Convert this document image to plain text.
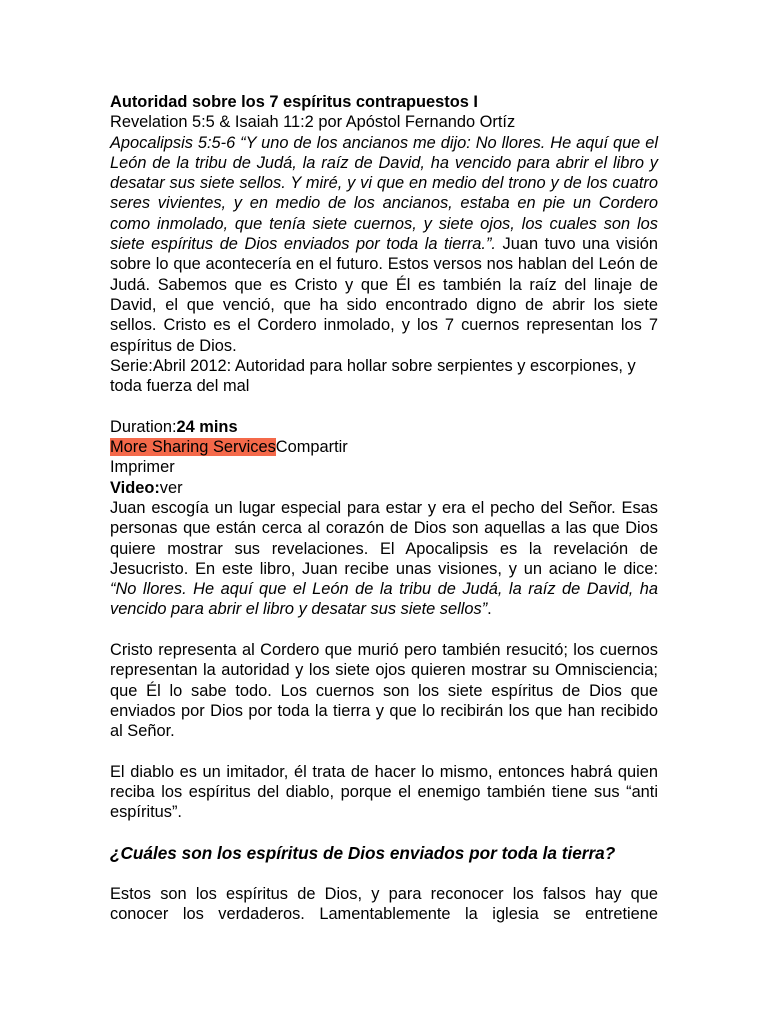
Autoridad sobre los 7 espíritus contrapuestos I
Revelation 5:5 & Isaiah 11:2 por Apóstol Fernando Ortíz

Apocalipsis 5:5-6 “Y uno de los ancianos me dijo: No llores. He aquí que el León de la tribu de Judá, la raíz de David, ha vencido para abrir el libro y desatar sus siete sellos. Y miré, y vi que en medio del trono y de los cuatro seres vivientes, y en medio de los ancianos, estaba en pie un Cordero como inmolado, que tenía siete cuernos, y siete ojos, los cuales son los siete espíritus de Dios enviados por toda la tierra.”. Juan tuvo una visión sobre lo que acontecería en el futuro. Estos versos nos hablan del León de Judá. Sabemos que es Cristo y que Él es también la raíz del linaje de David, el que venció, que ha sido encontrado digno de abrir los siete sellos. Cristo es el Cordero inmolado, y los 7 cuernos representan los 7 espíritus de Dios.

Serie:Abril 2012: Autoridad para hollar sobre serpientes y escorpiones, y toda fuerza del mal
Duration:24 mins
More Sharing ServicesCompartir
Imprimer
Video:ver

Juan escogía un lugar especial para estar y era el pecho del Señor. Esas personas que están cerca al corazón de Dios son aquellas a las que Dios quiere mostrar sus revelaciones. El Apocalipsis es la revelación de Jesucristo. En este libro, Juan recibe unas visiones, y un aciano le dice: “No llores. He aquí que el León de la tribu de Judá, la raíz de David, ha vencido para abrir el libro y desatar sus siete sellos”.

Cristo representa al Cordero que murió pero también resucitó; los cuernos representan la autoridad y los siete ojos quieren mostrar su Omnisciencia; que Él lo sabe todo. Los cuernos son los siete espíritus de Dios que enviados por Dios por toda la tierra y que lo recibirán los que han recibido al Señor.

El diablo es un imitador, él trata de hacer lo mismo, entonces habrá quien reciba los espíritus del diablo, porque el enemigo también tiene sus “anti espíritus”.

¿Cuáles son los espíritus de Dios enviados por toda la tierra?

Estos son los espíritus de Dios, y para reconocer los falsos hay que conocer los verdaderos. Lamentablemente la iglesia se entretiene
